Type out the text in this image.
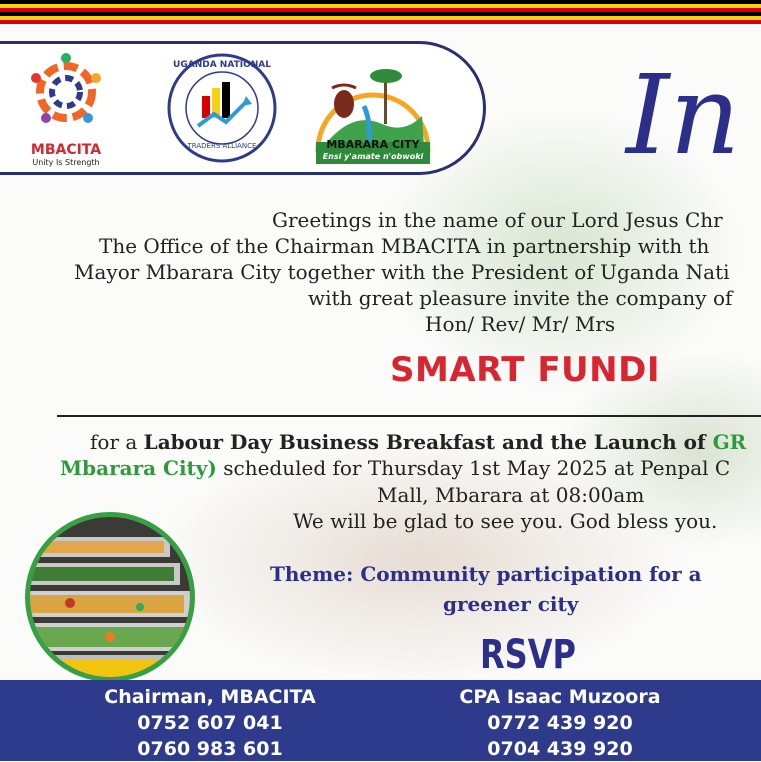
MBACITA
Unity Is Strength
UGANDA NATIONAL
TRADERS ALLIANCE	MBARARA CITY
Ensi y'amate n'obwoki In
Greetings in the name of our Lord Jesus Chr
The Office of the Chairman MBACITA in partnership with th
Mayor Mbarara City together with the President of Uganda Nati
with great pleasure invite the company of
Hon/ Rev/ Mr/ Mrs
SMART FUNDI
for a Labour Day Business Breakfast and the Launch of GR
Mbarara City) scheduled for Thursday 1st May 2025 at Penpal C
Mall, Mbarara at 08:00am
We will be glad to see you. God bless you.
Theme: Community participation for a
greener city
RSVP
Chairman, MBACITA
0752 607 041
0760 983 601
CPA Isaac Muzoora
0772 439 920
0704 439 920
